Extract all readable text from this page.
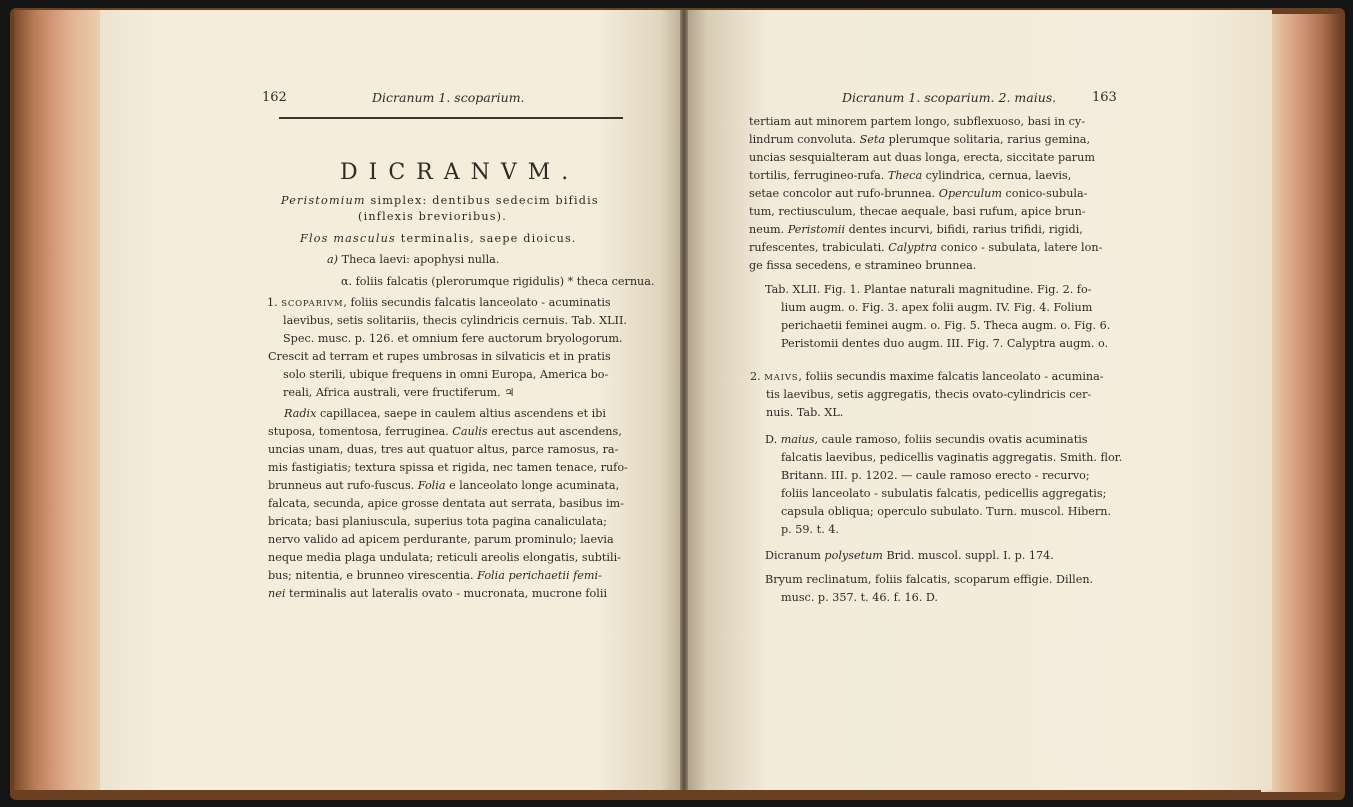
162	Dicranum 1. scoparium.
DICRANVM.
Peristomium simplex: dentibus sedecim bifidis
(inflexis brevioribus).
Flos masculus terminalis, saepe dioicus.
a) Theca laevi: apophysi nulla.
α. foliis falcatis (plerorumque rigidulis) * theca cernua.
1. SCOPARIVM, foliis secundis falcatis lanceolato - acuminatis
laevibus, setis solitariis, thecis cylindricis cernuis. Tab. XLII.
Spec. musc. p. 126. et omnium fere auctorum bryologorum.
Crescit ad terram et rupes umbrosas in silvaticis et in pratis
solo sterili, ubique frequens in omni Europa, America bo-
reali, Africa australi, vere fructiferum. ♃
Radix capillacea, saepe in caulem altius ascendens et ibi
stuposa, tomentosa, ferruginea. Caulis erectus aut ascendens,
uncias unam, duas, tres aut quatuor altus, parce ramosus, ra-
mis fastigiatis; textura spissa et rigida, nec tamen tenace, rufo-
brunneus aut rufo-fuscus. Folia e lanceolato longe acuminata,
falcata, secunda, apice grosse dentata aut serrata, basibus im-
bricata; basi planiuscula, superius tota pagina canaliculata;
nervo valido ad apicem perdurante, parum prominulo; laevia
neque media plaga undulata; reticuli areolis elongatis, subtili-
bus; nitentia, e brunneo virescentia. Folia perichaetii femi-
nei terminalis aut lateralis ovato - mucronata, mucrone folii
Dicranum 1. scoparium. 2. maius.	163
tertiam aut minorem partem longo, subflexuoso, basi in cy-
lindrum convoluta. Seta plerumque solitaria, rarius gemina,
uncias sesquialteram aut duas longa, erecta, siccitate parum
tortilis, ferrugineo-rufa. Theca cylindrica, cernua, laevis,
setae concolor aut rufo-brunnea. Operculum conico-subula-
tum, rectiusculum, thecae aequale, basi rufum, apice brun-
neum. Peristomii dentes incurvi, bifidi, rarius trifidi, rigidi,
rufescentes, trabiculati. Calyptra conico - subulata, latere lon-
ge fissa secedens, e stramineo brunnea.
Tab. XLII. Fig. 1. Plantae naturali magnitudine. Fig. 2. fo-
lium augm. o. Fig. 3. apex folii augm. IV. Fig. 4. Folium
perichaetii feminei augm. o. Fig. 5. Theca augm. o. Fig. 6.
Peristomii dentes duo augm. III. Fig. 7. Calyptra augm. o.
2. MAIVS, foliis secundis maxime falcatis lanceolato - acumina-
tis laevibus, setis aggregatis, thecis ovato-cylindricis cer-
nuis. Tab. XL.
D. maius, caule ramoso, foliis secundis ovatis acuminatis
falcatis laevibus, pedicellis vaginatis aggregatis. Smith. flor.
Britann. III. p. 1202. — caule ramoso erecto - recurvo;
foliis lanceolato - subulatis falcatis, pedicellis aggregatis;
capsula obliqua; operculo subulato. Turn. muscol. Hibern.
p. 59. t. 4.
Dicranum polysetum Brid. muscol. suppl. I. p. 174.
Bryum reclinatum, foliis falcatis, scoparum effigie. Dillen.
musc. p. 357. t. 46. f. 16. D.
